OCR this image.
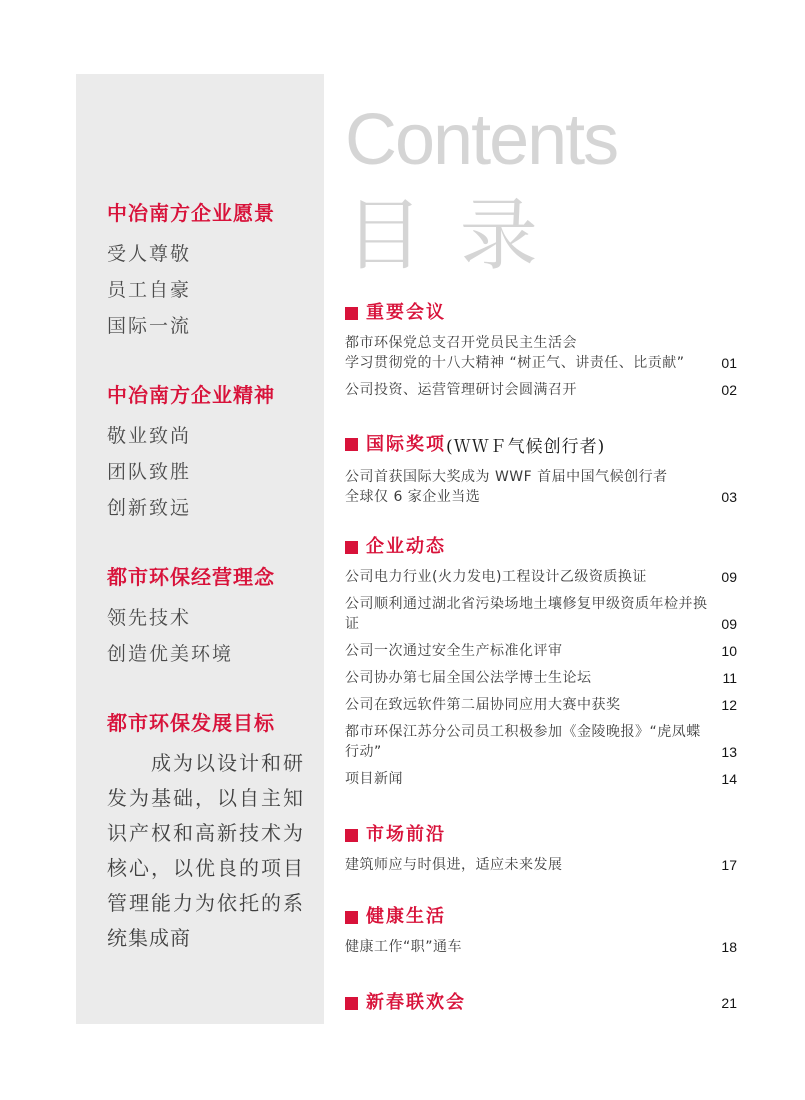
中冶南方企业愿景
受人尊敬
员工自豪
国际一流
中冶南方企业精神
敬业致尚
团队致胜
创新致远
都市环保经营理念
领先技术
创造优美环境
都市环保发展目标
成为以设计和研发为基础，以自主知识产权和高新技术为核心，以优良的项目管理能力为依托的系统集成商
Contents
目 录
重要会议
都市环保党总支召开党员民主生活会
学习贯彻党的十八大精神 “树正气、讲责任、比贡献”	01
公司投资、运营管理研讨会圆满召开	02
国际奖项 (ＷＷＦ气候创行者)
公司首获国际大奖成为 WWF 首届中国气候创行者
全球仅 6 家企业当选	03
企业动态
公司电力行业(火力发电)工程设计乙级资质换证	09
公司顺利通过湖北省污染场地土壤修复甲级资质年检并换证	09
公司一次通过安全生产标准化评审	10
公司协办第七届全国公法学博士生论坛	11
公司在致远软件第二届协同应用大赛中获奖	12
都市环保江苏分公司员工积极参加《金陵晚报》“虎凤蝶行动”	13
项目新闻	14
市场前沿
建筑师应与时俱进，适应未来发展	17
健康生活
健康工作“职”通车	18
新春联欢会	21
